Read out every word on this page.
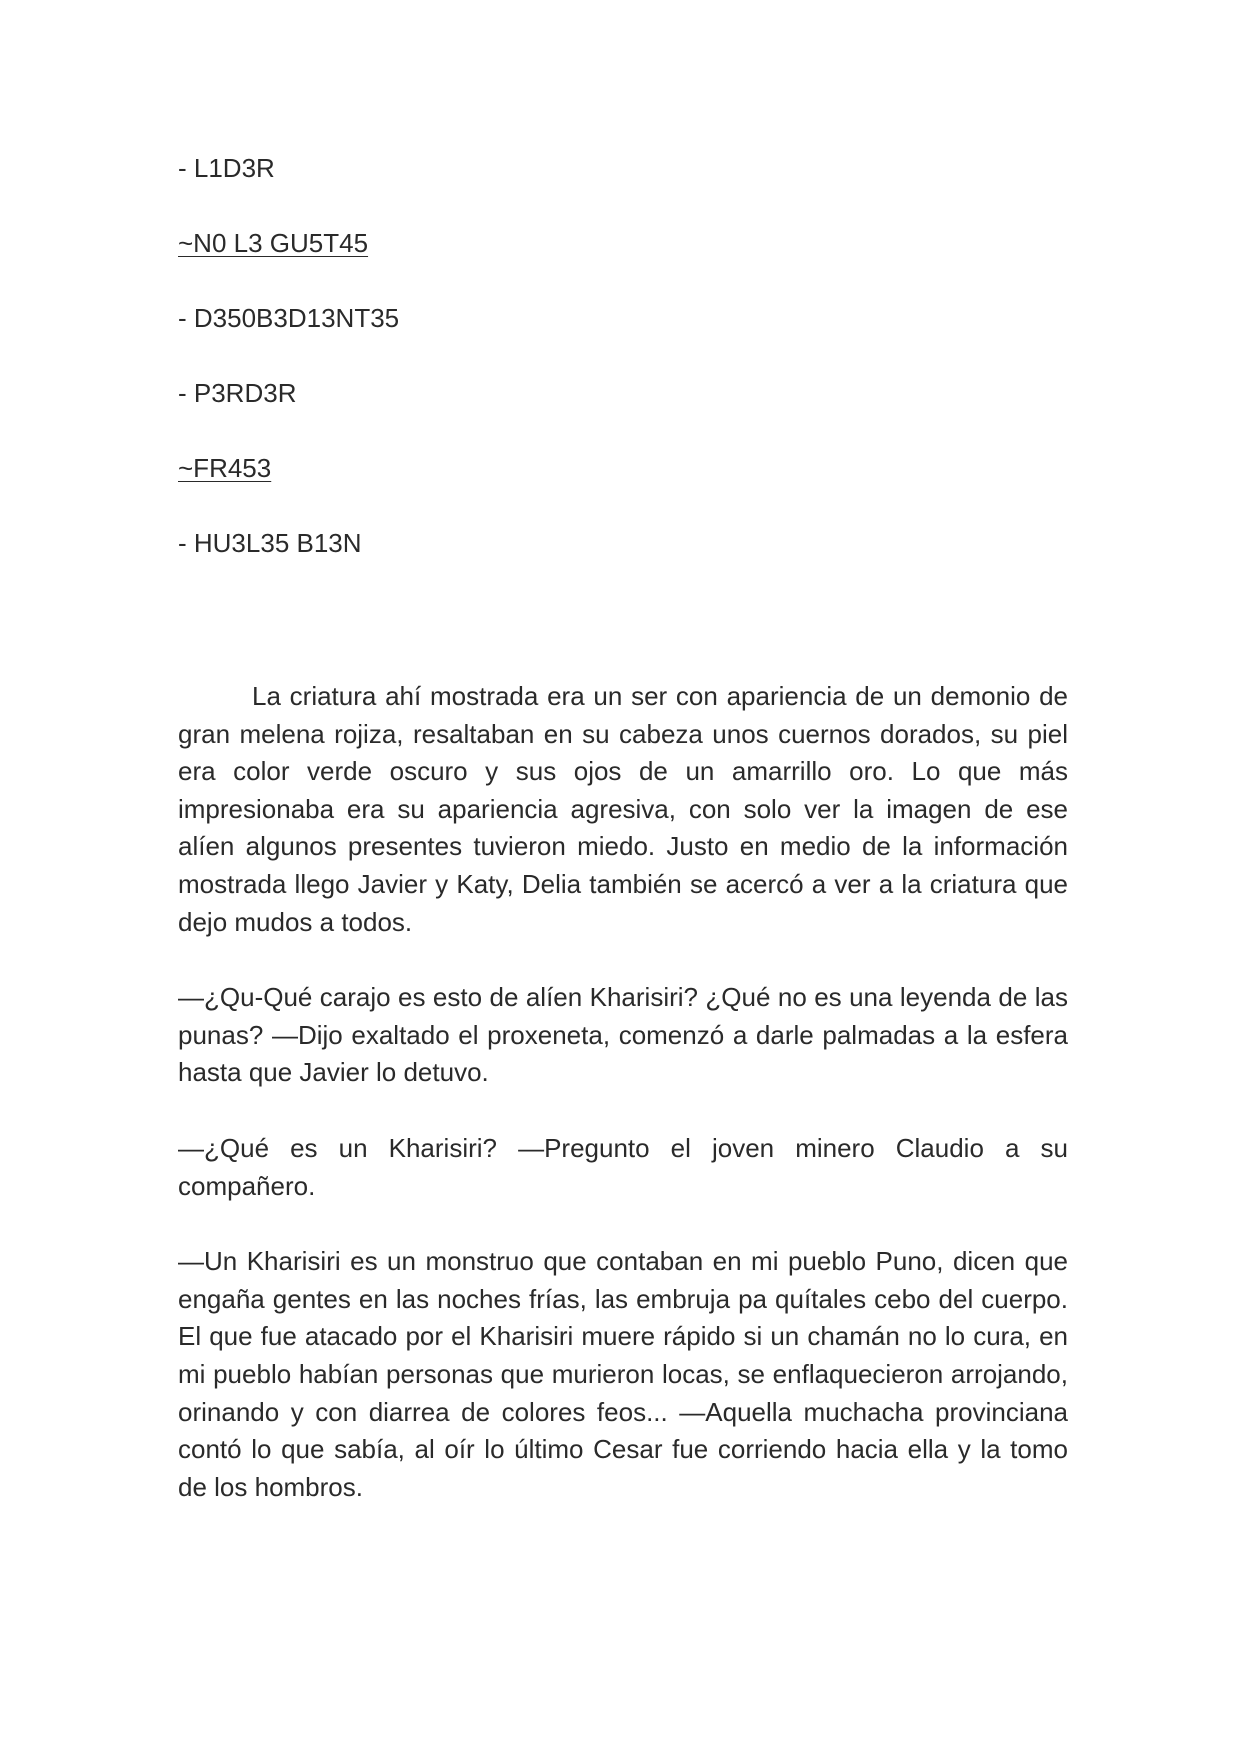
- L1D3R
~N0 L3 GU5T45
- D350B3D13NT35
- P3RD3R
~FR453
- HU3L35 B13N

La criatura ahí mostrada era un ser con apariencia de un demonio de gran melena rojiza, resaltaban en su cabeza unos cuernos dorados, su piel era color verde oscuro y sus ojos de un amarrillo oro. Lo que más impresionaba era su apariencia agresiva, con solo ver la imagen de ese alíen algunos presentes tuvieron miedo. Justo en medio de la información mostrada llego Javier y Katy, Delia también se acercó a ver a la criatura que dejo mudos a todos.

—¿Qu-Qué carajo es esto de alíen Kharisiri? ¿Qué no es una leyenda de las punas? —Dijo exaltado el proxeneta, comenzó a darle palmadas a la esfera hasta que Javier lo detuvo.

—¿Qué es un Kharisiri? —Pregunto el joven minero Claudio a su compañero.

—Un Kharisiri es un monstruo que contaban en mi pueblo Puno, dicen que engaña gentes en las noches frías, las embruja pa quítales cebo del cuerpo. El que fue atacado por el Kharisiri muere rápido si un chamán no lo cura, en mi pueblo habían personas que murieron locas, se enflaquecieron arrojando, orinando y con diarrea de colores feos... —Aquella muchacha provinciana contó lo que sabía, al oír lo último Cesar fue corriendo hacia ella y la tomo de los hombros.
